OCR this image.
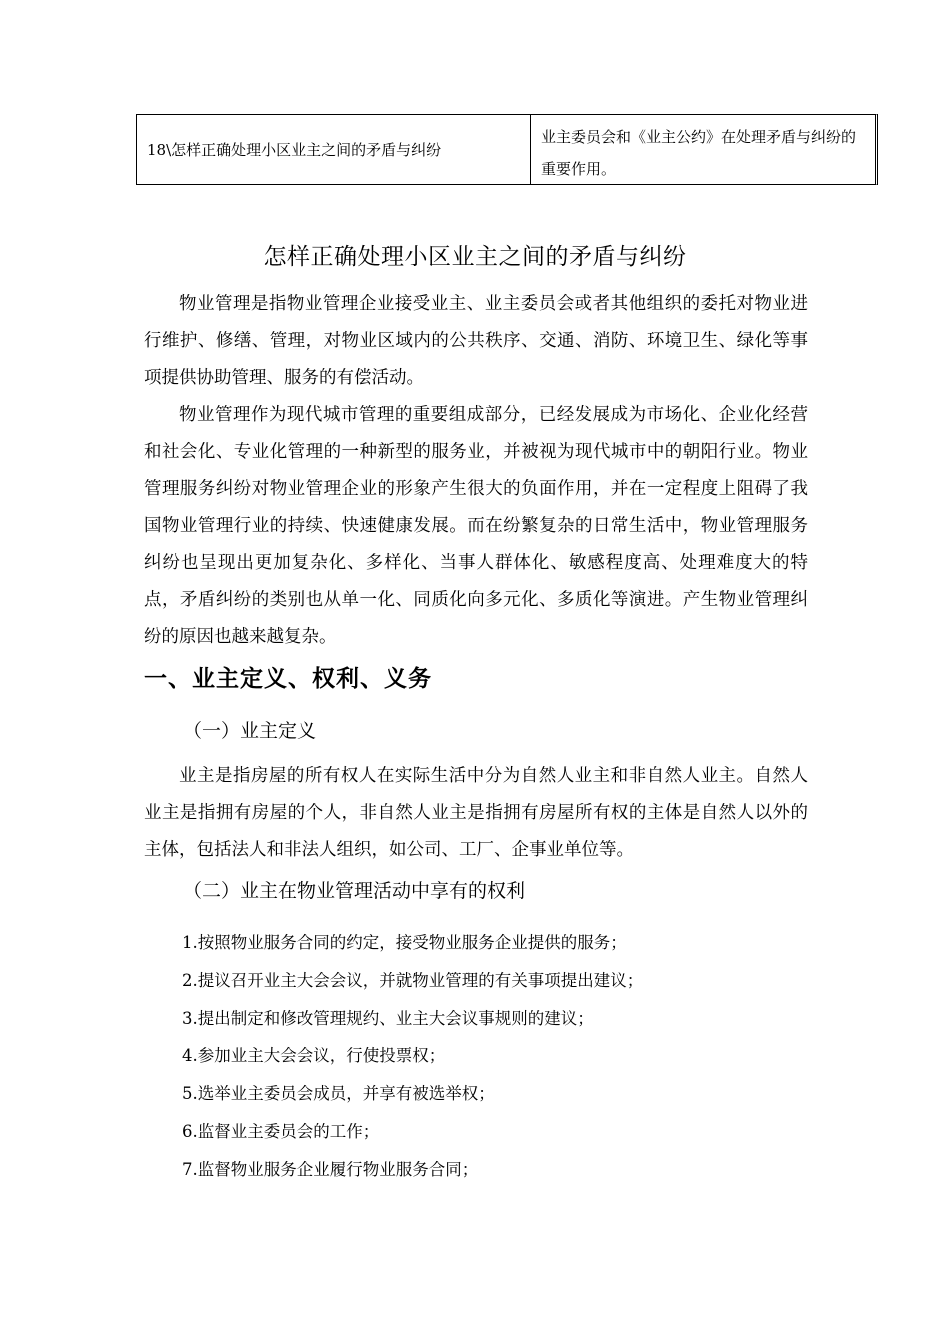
18\怎样正确处理小区业主之间的矛盾与纠纷
业主委员会和《业主公约》在处理矛盾与纠纷的重要作用。
怎样正确处理小区业主之间的矛盾与纠纷

物业管理是指物业管理企业接受业主、业主委员会或者其他组织的委托对物业进行维护、修缮、管理，对物业区域内的公共秩序、交通、消防、环境卫生、绿化等事项提供协助管理、服务的有偿活动。

物业管理作为现代城市管理的重要组成部分，已经发展成为市场化、企业化经营和社会化、专业化管理的一种新型的服务业，并被视为现代城市中的朝阳行业。物业管理服务纠纷对物业管理企业的形象产生很大的负面作用，并在一定程度上阻碍了我国物业管理行业的持续、快速健康发展。而在纷繁复杂的日常生活中，物业管理服务纠纷也呈现出更加复杂化、多样化、当事人群体化、敏感程度高、处理难度大的特点，矛盾纠纷的类别也从单一化、同质化向多元化、多质化等演进。产生物业管理纠纷的原因也越来越复杂。

一、业主定义、权利、义务
（一）业主定义

业主是指房屋的所有权人在实际生活中分为自然人业主和非自然人业主。自然人业主是指拥有房屋的个人，非自然人业主是指拥有房屋所有权的主体是自然人以外的主体，包括法人和非法人组织，如公司、工厂、企事业单位等。

（二）业主在物业管理活动中享有的权利
1.按照物业服务合同的约定，接受物业服务企业提供的服务；
2.提议召开业主大会会议，并就物业管理的有关事项提出建议；
3.提出制定和修改管理规约、业主大会议事规则的建议；
4.参加业主大会会议，行使投票权；
5.选举业主委员会成员，并享有被选举权；
6.监督业主委员会的工作；
7.监督物业服务企业履行物业服务合同；
